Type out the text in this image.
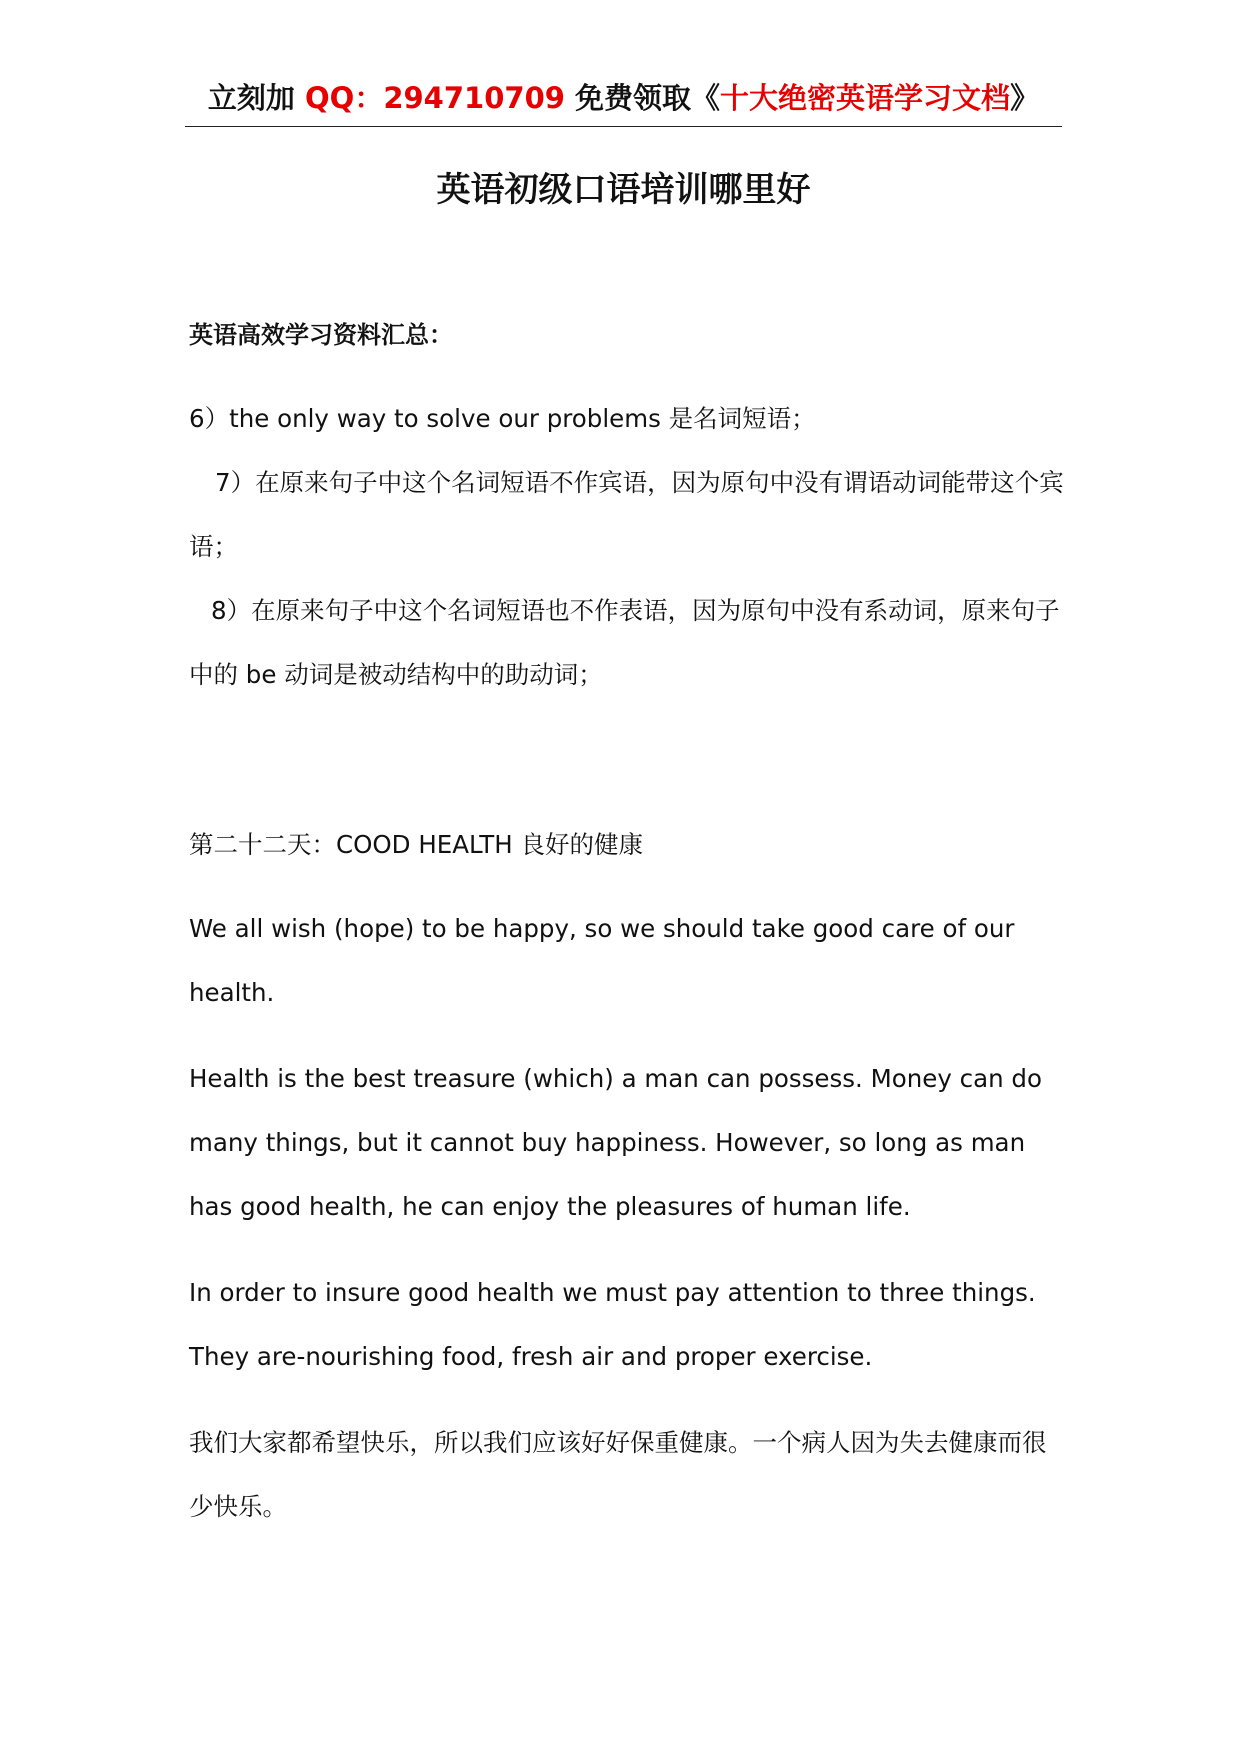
立刻加 QQ：294710709 免费领取《十大绝密英语学习文档》
英语初级口语培训哪里好

英语高效学习资料汇总：

6）the only way to solve our problems 是名词短语；

7）在原来句子中这个名词短语不作宾语，因为原句中没有谓语动词能带这个宾语；

8）在原来句子中这个名词短语也不作表语，因为原句中没有系动词，原来句子中的 be 动词是被动结构中的助动词；

第二十二天：COOD HEALTH 良好的健康

We all wish (hope) to be happy, so we should take good care of our health.

Health is the best treasure (which) a man can possess. Money can do many things, but it cannot buy happiness. However, so long as man has good health, he can enjoy the pleasures of human life.

In order to insure good health we must pay attention to three things. They are-nourishing food, fresh air and proper exercise.

我们大家都希望快乐，所以我们应该好好保重健康。一个病人因为失去健康而很少快乐。
